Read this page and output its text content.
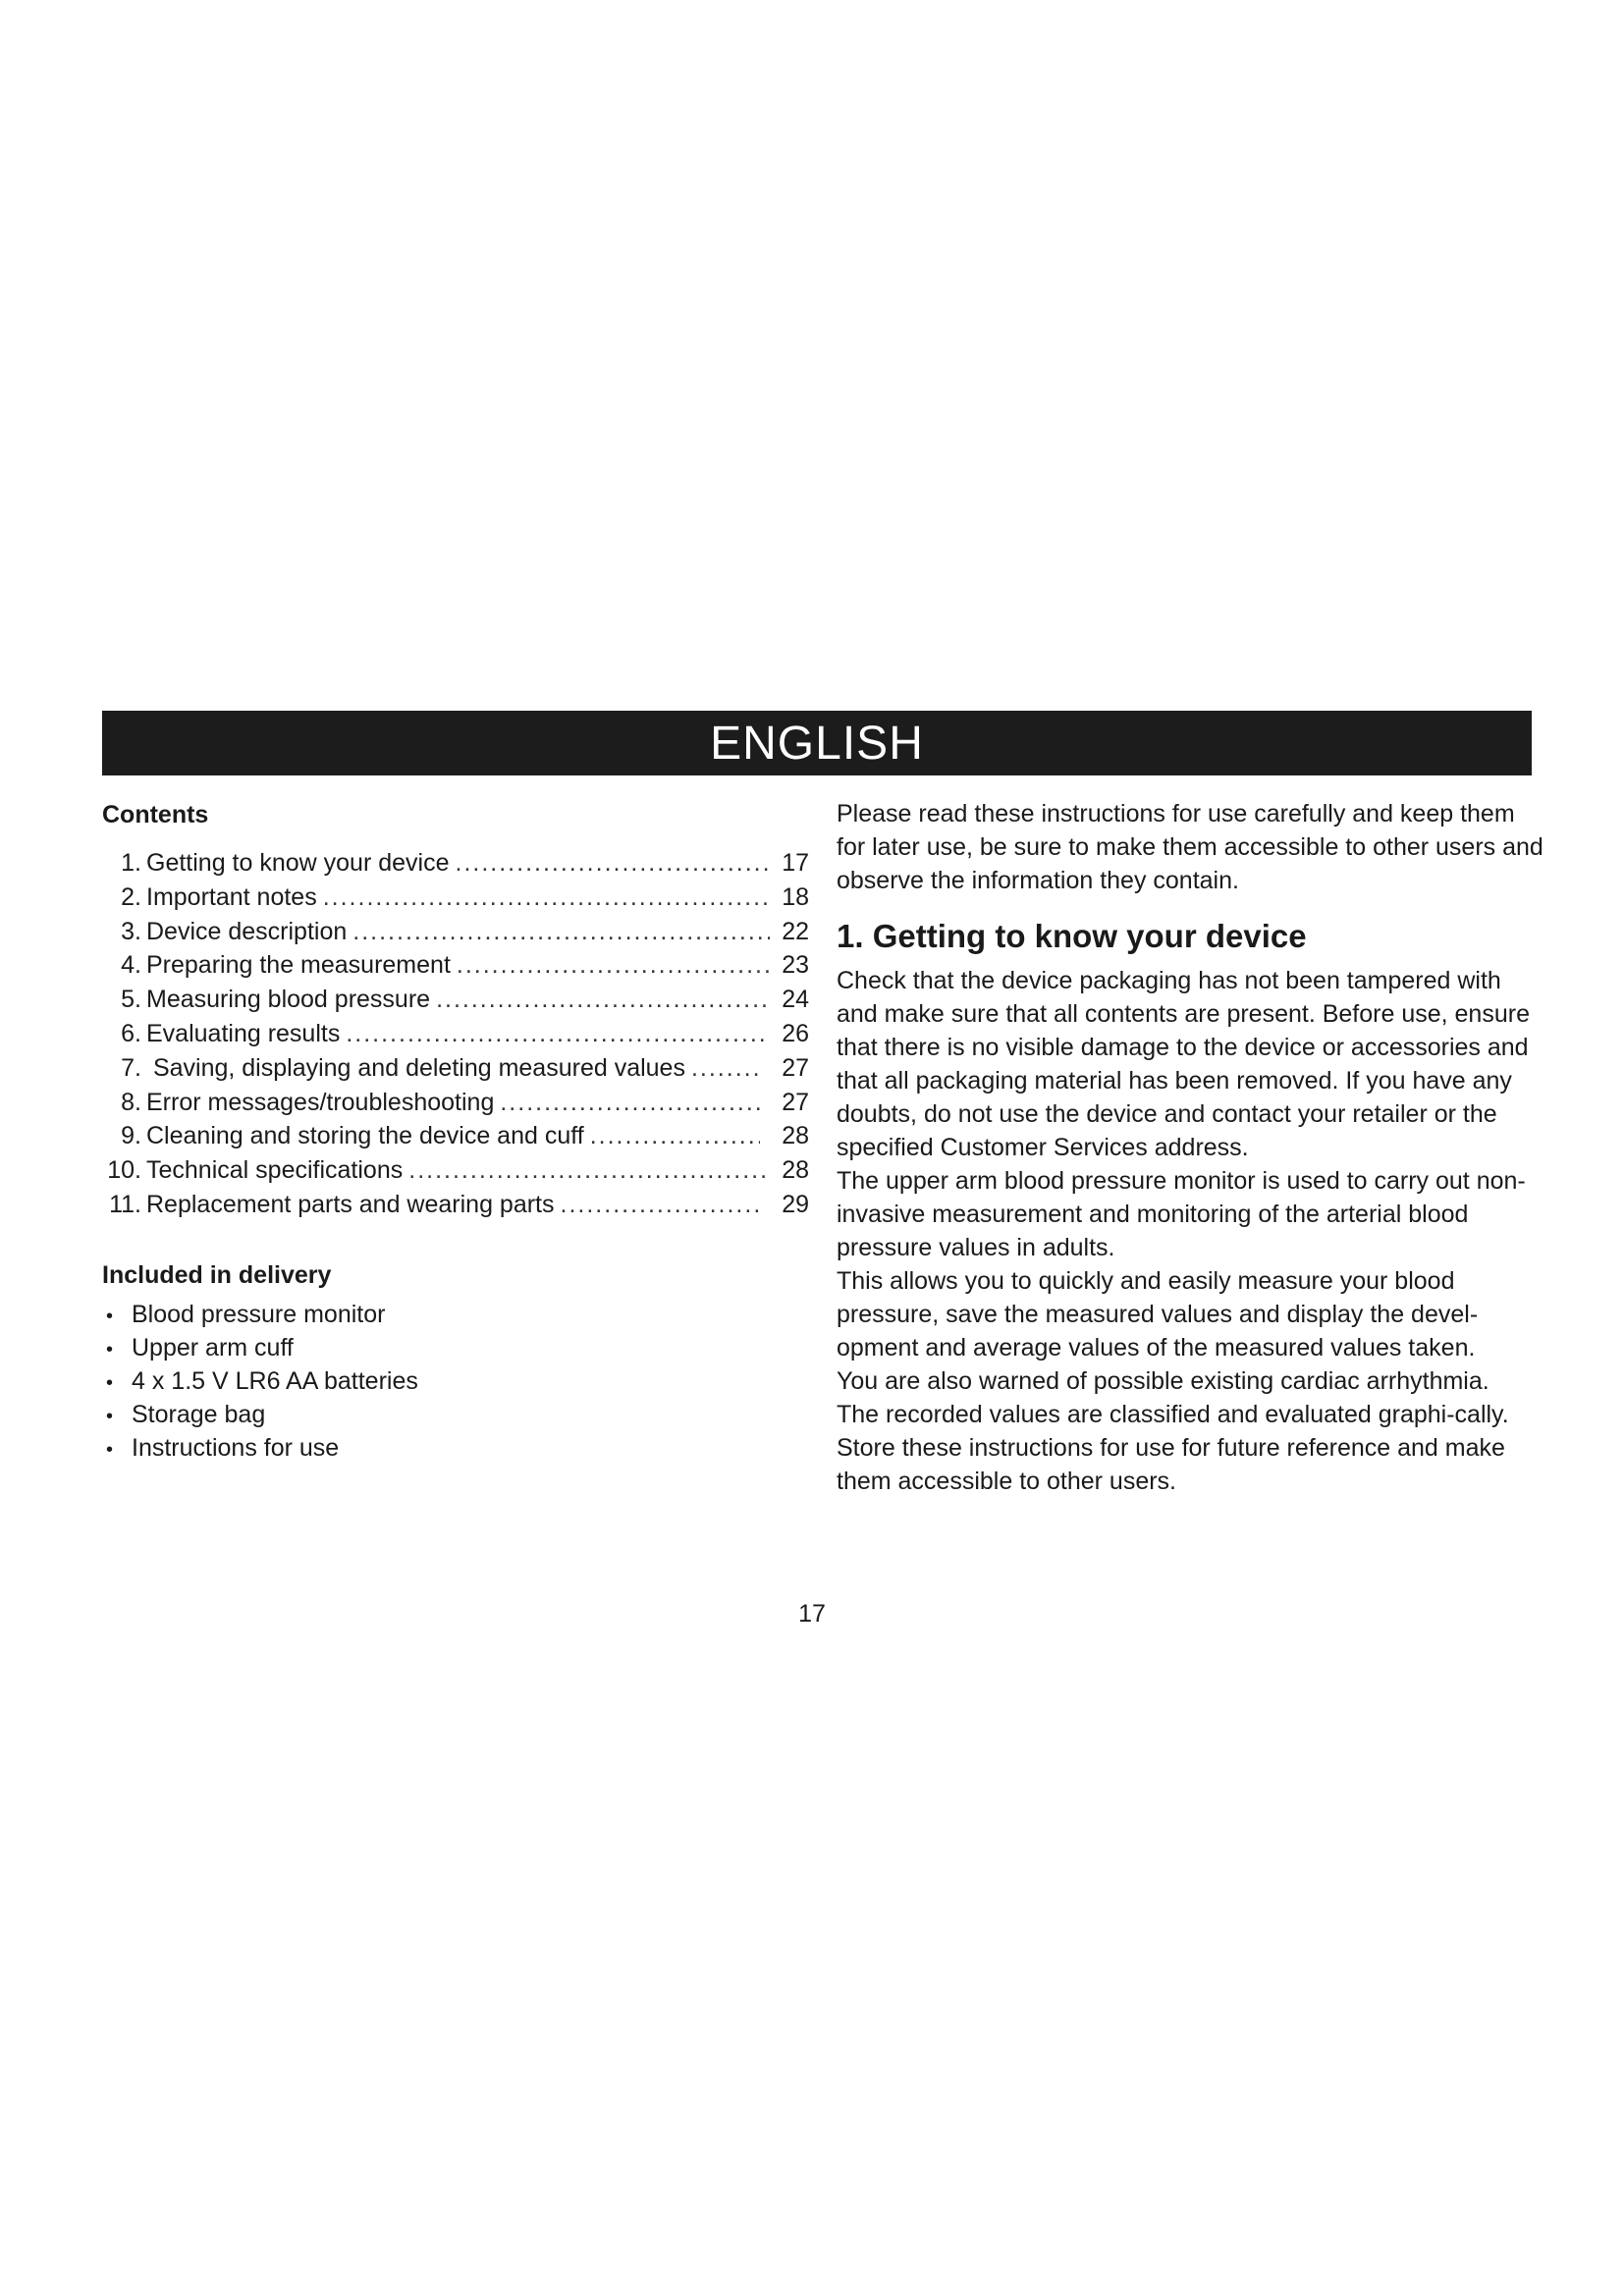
ENGLISH
Contents
1. Getting to know your device .....	17
2. Important notes .....	18
3. Device description .....	22
4. Preparing the measurement .....	23
5. Measuring blood pressure .....	24
6. Evaluating results .....	26
7. Saving, displaying and deleting measured values .....	27
8. Error messages/troubleshooting .....	27
9. Cleaning and storing the device and cuff .....	28
10. Technical specifications .....	28
11. Replacement parts and wearing parts .....	29
Included in delivery
• Blood pressure monitor
• Upper arm cuff
• 4 x 1.5 V LR6 AA batteries
• Storage bag
• Instructions for use

Please read these instructions for use carefully and keep them for later use, be sure to make them accessible to other users and observe the information they contain.

1. Getting to know your device

Check that the device packaging has not been tampered with and make sure that all contents are present. Before use, ensure that there is no visible damage to the device or accessories and that all packaging material has been removed. If you have any doubts, do not use the device and contact your retailer or the specified Customer Services address.

The upper arm blood pressure monitor is used to carry out non-invasive measurement and monitoring of the arterial blood pressure values in adults.

This allows you to quickly and easily measure your blood pressure, save the measured values and display the devel-opment and average values of the measured values taken.

You are also warned of possible existing cardiac arrhythmia.

The recorded values are classified and evaluated graphi-cally.

Store these instructions for use for future reference and make them accessible to other users.

17
